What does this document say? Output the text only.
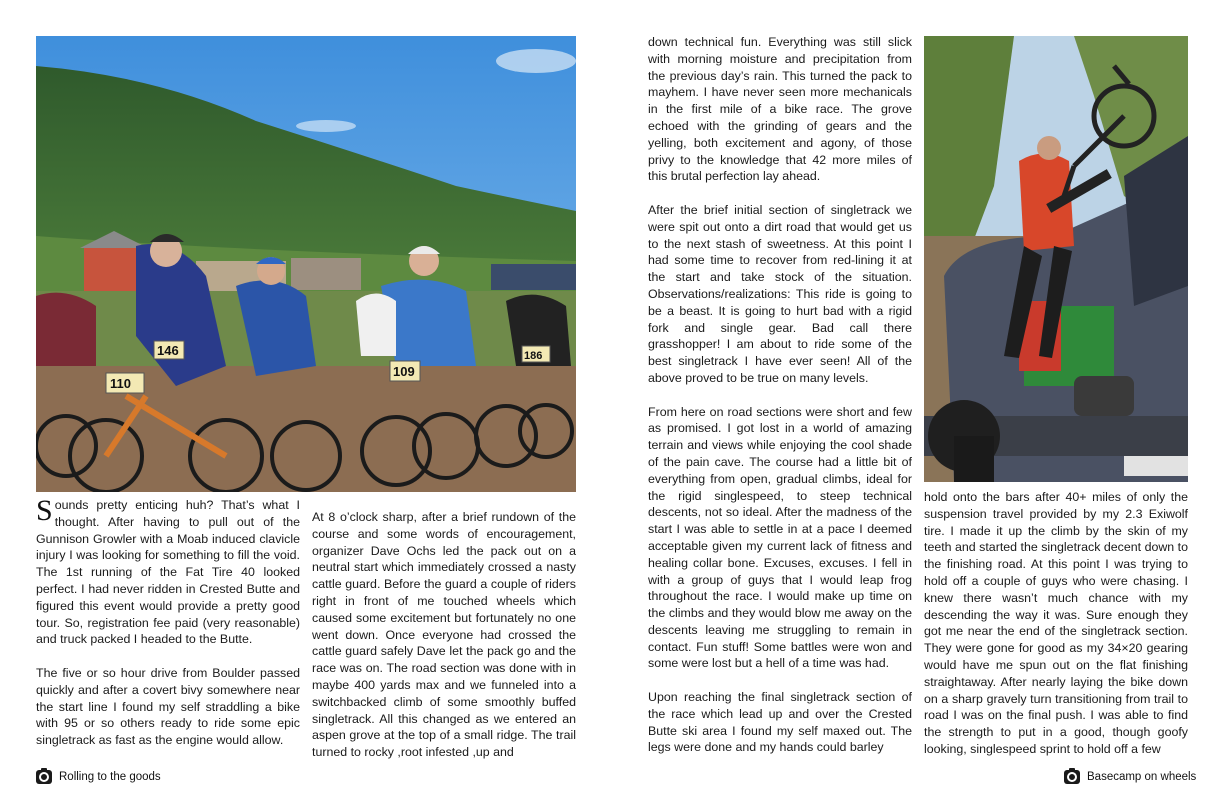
110
146
109
186

Sounds pretty enticing huh? That’s what I thought. After having to pull out of the Gunnison Growler with a Moab induced clavicle injury I was looking for something to fill the void. The 1st running of the Fat Tire 40 looked perfect. I had never ridden in Crested Butte and figured this event would provide a pretty good tour. So, registration fee paid (very reasonable) and truck packed I headed to the Butte.

The five or so hour drive from Boulder passed quickly and after a covert bivy somewhere near the start line I found my self straddling a bike with 95 or so others ready to ride some epic singletrack as fast as the engine would allow.

At 8 o’clock sharp, after a brief rundown of the course and some words of encouragement, organizer Dave Ochs led the pack out on a neutral start which immediately crossed a nasty cattle guard. Before the guard a couple of riders right in front of me touched wheels which caused some excitement but fortunately no one went down. Once everyone had crossed the cattle guard safely Dave let the pack go and the race was on. The road section was done with in maybe 400 yards max and we funneled into a switchbacked climb of some smoothly buffed singletrack. All this changed as we entered an aspen grove at the top of a small ridge. The trail turned to rocky ,root infested ,up and

down technical fun. Everything was still slick with morning moisture and precipitation from the previous day’s rain. This turned the pack to mayhem. I have never seen more mechanicals in the first mile of a bike race. The grove echoed with the grinding of gears and the yelling, both excitement and agony, of those privy to the knowledge that 42 more miles of this brutal perfection lay ahead.

After the brief initial section of singletrack we were spit out onto a dirt road that would get us to the next stash of sweetness. At this point I had some time to recover from red-lining it at the start and take stock of the situation. Observations/realizations: This ride is going to be a beast. It is going to hurt bad with a rigid fork and single gear. Bad call there grasshopper! I am about to ride some of the best singletrack I have ever seen! All of the above proved to be true on many levels.

From here on road sections were short and few as promised. I got lost in a world of amazing terrain and views while enjoying the cool shade of the pain cave. The course had a little bit of everything from open, gradual climbs, ideal for the rigid singlespeed, to steep technical descents, not so ideal. After the madness of the start I was able to settle in at a pace I deemed acceptable given my current lack of fitness and healing collar bone. Excuses, excuses. I fell in with a group of guys that I would leap frog throughout the race. I would make up time on the climbs and they would blow me away on the descents leaving me struggling to remain in contact. Fun stuff! Some battles were won and some were lost but a hell of a time was had.

Upon reaching the final singletrack section of the race which lead up and over the Crested Butte ski area I found my self maxed out. The legs were done and my hands could barley

hold onto the bars after 40+ miles of only the suspension travel provided by my 2.3 Exiwolf tire. I made it up the climb by the skin of my teeth and started the singletrack decent down to the finishing road. At this point I was trying to hold off a couple of guys who were chasing. I knew there wasn’t much chance with my descending the way it was. Sure enough they got me near the end of the singletrack section. They were gone for good as my 34×20 gearing would have me spun out on the flat finishing straightaway. After nearly laying the bike down on a sharp gravely turn transitioning from trail to road I was on the final push. I was able to find the strength to put in a good, though goofy looking, singlespeed sprint to hold off a few

Rolling to the goods	Basecamp on wheels
